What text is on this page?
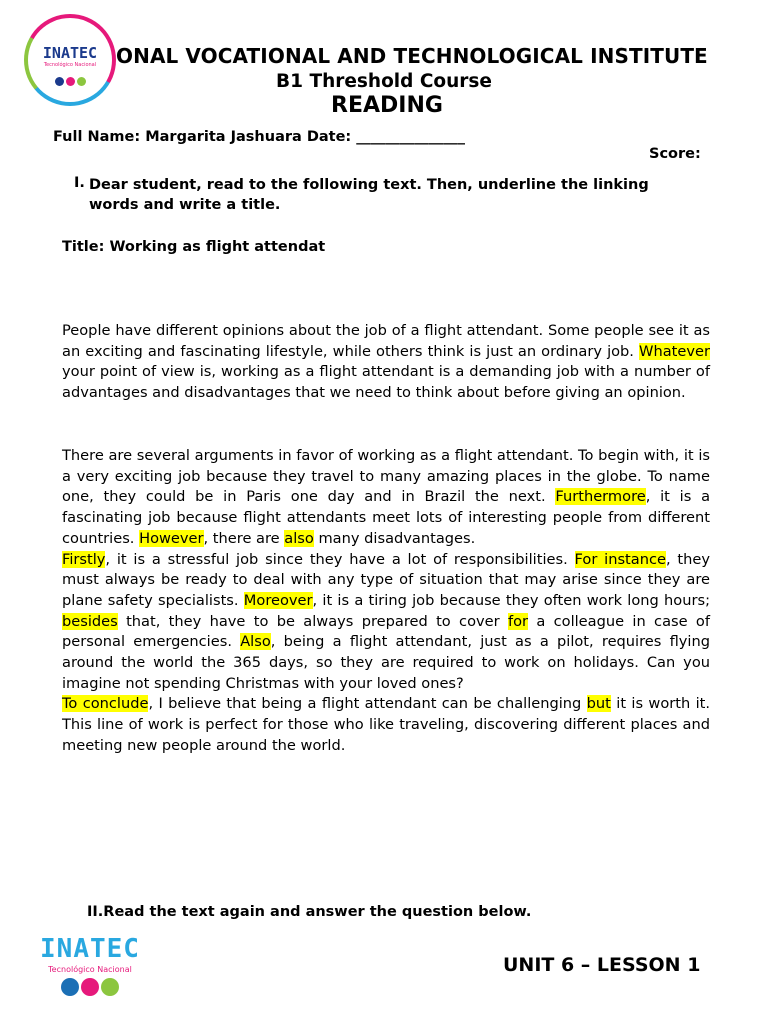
INATEC
Tecnológico Nacional ONAL VOCATIONAL AND TECHNOLOGICAL INSTITUTE
B1 Threshold Course
READING
Full Name: Margarita Jashuara Date: _______________
Score:
I. Dear student, read to the following text. Then, underline the linking words and write a title.
Title: Working as flight attendat

People have different opinions about the job of a flight attendant. Some people see it as an exciting and fascinating lifestyle, while others think is just an ordinary job. Whatever your point of view is, working as a flight attendant is a demanding job with a number of advantages and disadvantages that we need to think about before giving an opinion.

There are several arguments in favor of working as a flight attendant. To begin with, it is a very exciting job because they travel to many amazing places in the globe. To name one, they could be in Paris one day and in Brazil the next. Furthermore, it is a fascinating job because flight attendants meet lots of interesting people from different countries. However, there are also many disadvantages.
Firstly, it is a stressful job since they have a lot of responsibilities. For instance, they must always be ready to deal with any type of situation that may arise since they are plane safety specialists. Moreover, it is a tiring job because they often work long hours; besides that, they have to be always prepared to cover for a colleague in case of personal emergencies. Also, being a flight attendant, just as a pilot, requires flying around the world the 365 days, so they are required to work on holidays. Can you imagine not spending Christmas with your loved ones?
To conclude, I believe that being a flight attendant can be challenging but it is worth it. This line of work is perfect for those who like traveling, discovering different places and meeting new people around the world.

II.Read the text again and answer the question below.
INATEC
Tecnológico Nacional	UNIT 6 – LESSON 1
